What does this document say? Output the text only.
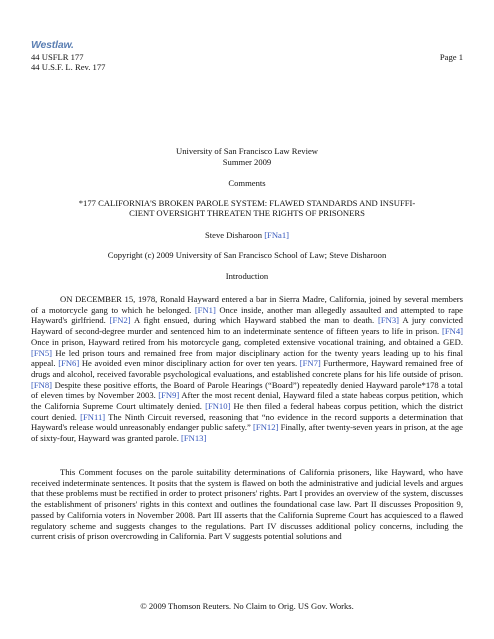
Westlaw.
44 USFLR 177
44 U.S.F. L. Rev. 177
Page 1
University of San Francisco Law Review
Summer 2009
Comments
*177 CALIFORNIA'S BROKEN PAROLE SYSTEM: FLAWED STANDARDS AND INSUFFI-
CIENT OVERSIGHT THREATEN THE RIGHTS OF PRISONERS
Steve Disharoon [FNa1]
Copyright (c) 2009 University of San Francisco School of Law; Steve Disharoon
Introduction

ON DECEMBER 15, 1978, Ronald Hayward entered a bar in Sierra Madre, California, joined by several members of a motorcycle gang to which he belonged. [FN1] Once inside, another man allegedly assaulted and attempted to rape Hayward's girlfriend. [FN2] A fight ensued, during which Hayward stabbed the man to death. [FN3] A jury convicted Hayward of second-degree murder and sentenced him to an indeterminate sentence of fifteen years to life in prison. [FN4] Once in prison, Hayward retired from his motorcycle gang, completed extensive vocational training, and obtained a GED. [FN5] He led prison tours and remained free from major disciplinary action for the twenty years leading up to his final appeal. [FN6] He avoided even minor disciplinary action for over ten years. [FN7] Furthermore, Hayward remained free of drugs and alcohol, received favorable psychological evaluations, and established concrete plans for his life outside of prison. [FN8] Despite these positive efforts, the Board of Parole Hearings (“Board”) repeatedly denied Hayward parole*178 a total of eleven times by November 2003. [FN9] After the most recent denial, Hayward filed a state habeas corpus petition, which the California Supreme Court ultimately denied. [FN10] He then filed a federal habeas corpus petition, which the district court denied. [FN11] The Ninth Circuit reversed, reasoning that “no evidence in the record supports a determination that Hayward's release would unreasonably endanger public safety.” [FN12] Finally, after twenty-seven years in prison, at the age of sixty-four, Hayward was granted parole. [FN13]

This Comment focuses on the parole suitability determinations of California prisoners, like Hayward, who have received indeterminate sentences. It posits that the system is flawed on both the administrative and judicial levels and argues that these problems must be rectified in order to protect prisoners' rights. Part I provides an overview of the system, discusses the establishment of prisoners' rights in this context and outlines the foundational case law. Part II discusses Proposition 9, passed by California voters in November 2008. Part III asserts that the California Supreme Court has acquiesced to a flawed regulatory scheme and suggests changes to the regulations. Part IV discusses additional policy concerns, including the current crisis of prison overcrowding in California. Part V suggests potential solutions and

© 2009 Thomson Reuters. No Claim to Orig. US Gov. Works.
